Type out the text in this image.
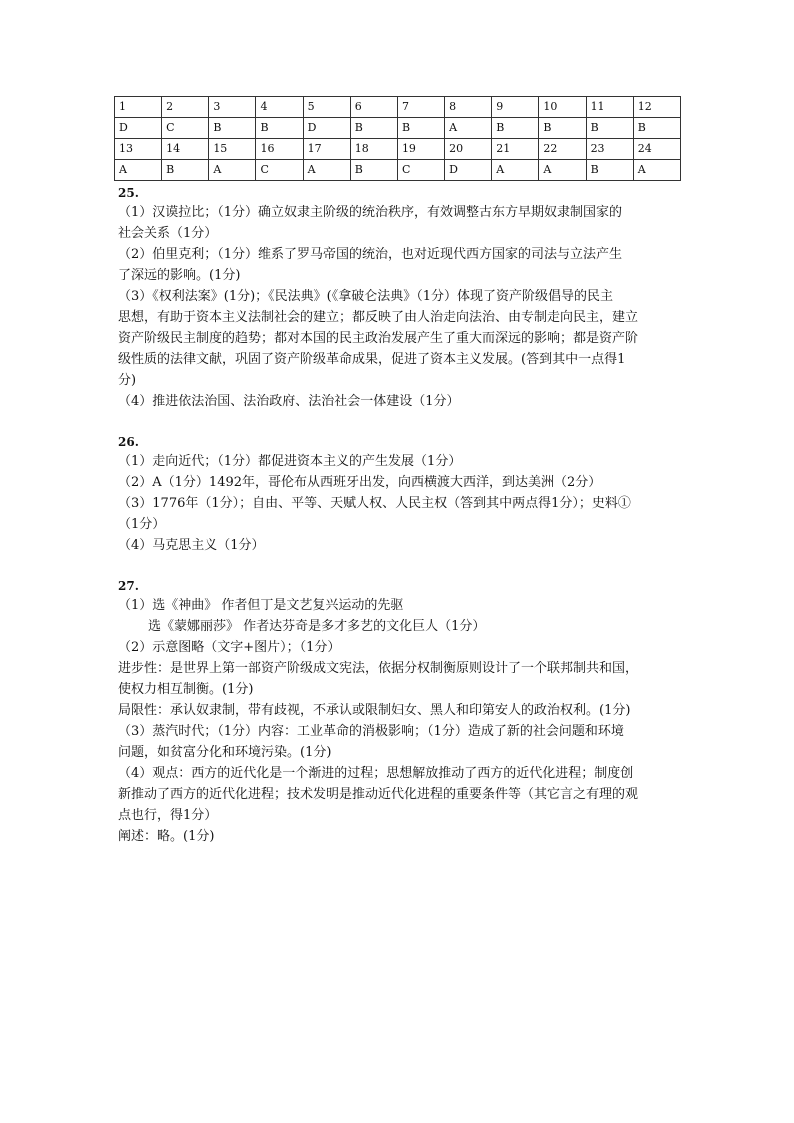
1	2	3	4	5	6	7	8	9	10	11	12
D	C	B	B	D	B	B	A	B	B	B	B
13	14	15	16	17	18	19	20	21	22	23	24
A	B	A	C	A	B	C	D	A	A	B	A

25.

（1）汉谟拉比；（1分）确立奴隶主阶级的统治秩序，有效调整古东方早期奴隶制国家的

社会关系（1分）

（2）伯里克利；（1分）维系了罗马帝国的统治，也对近现代西方国家的司法与立法产生

了深远的影响。(1分)

（3）《权利法案》(1分)；《民法典》(《拿破仑法典》（1分）体现了资产阶级倡导的民主

思想，有助于资本主义法制社会的建立；都反映了由人治走向法治、由专制走向民主，建立

资产阶级民主制度的趋势；都对本国的民主政治发展产生了重大而深远的影响；都是资产阶

级性质的法律文献，巩固了资产阶级革命成果，促进了资本主义发展。(答到其中一点得1

分)

（4）推进依法治国、法治政府、法治社会一体建设（1分）

26.

（1）走向近代；（1分）都促进资本主义的产生发展（1分）

（2）A（1分）1492年，哥伦布从西班牙出发，向西横渡大西洋，到达美洲（2分）

（3）1776年（1分）；自由、平等、天赋人权、人民主权（答到其中两点得1分）；史料①

（1分）

（4）马克思主义（1分）

27.

（1）选《神曲》 作者但丁是文艺复兴运动的先驱

选《蒙娜丽莎》 作者达芬奇是多才多艺的文化巨人（1分）

（2）示意图略（文字+图片）；（1分）

进步性：是世界上第一部资产阶级成文宪法，依据分权制衡原则设计了一个联邦制共和国，

使权力相互制衡。(1分)

局限性：承认奴隶制，带有歧视，不承认或限制妇女、黑人和印第安人的政治权利。(1分)

（3）蒸汽时代；（1分）内容：工业革命的消极影响；（1分）造成了新的社会问题和环境

问题，如贫富分化和环境污染。(1分)

（4）观点：西方的近代化是一个渐进的过程；思想解放推动了西方的近代化进程；制度创

新推动了西方的近代化进程；技术发明是推动近代化进程的重要条件等（其它言之有理的观

点也行，得1分）

阐述：略。(1分)
